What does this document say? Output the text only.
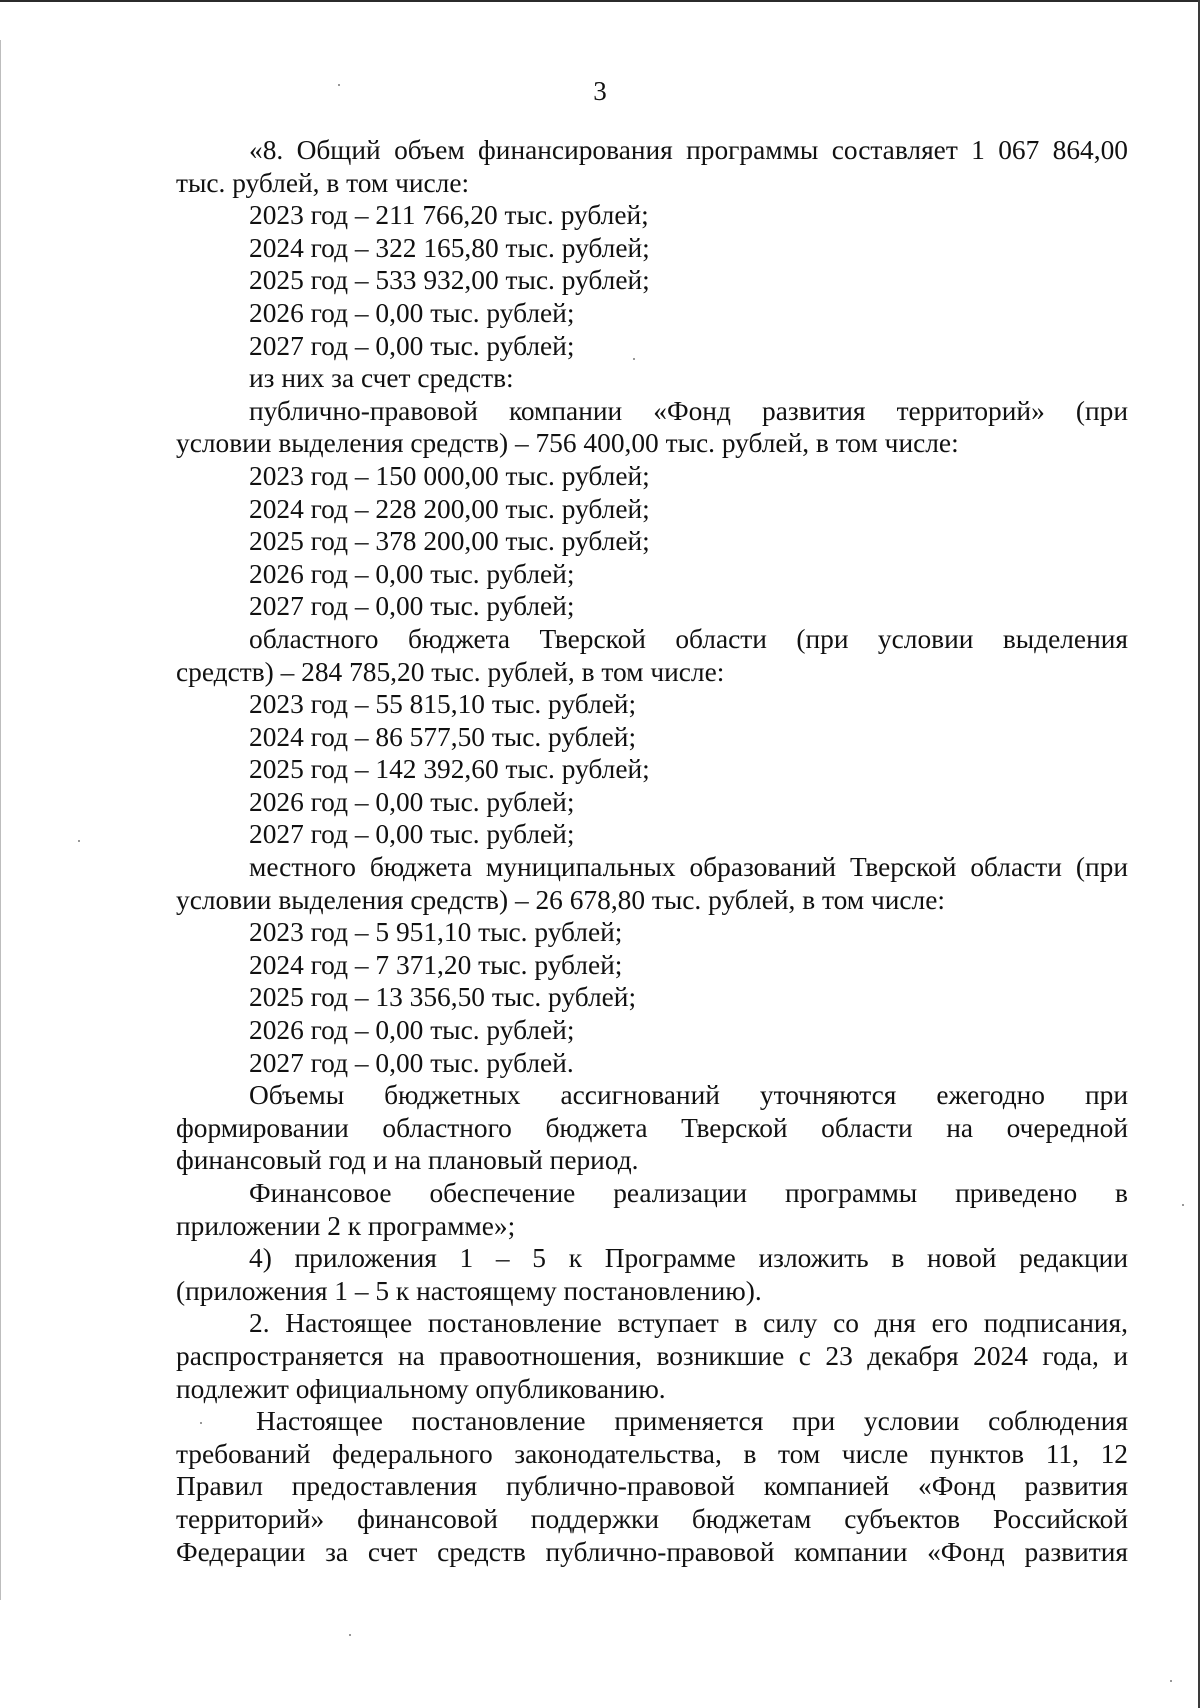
3
«8. Общий объем финансирования программы составляет 1 067 864,00
тыс. рублей, в том числе:
2023 год – 211 766,20 тыс. рублей;
2024 год – 322 165,80 тыс. рублей;
2025 год – 533 932,00 тыс. рублей;
2026 год – 0,00 тыс. рублей;
2027 год – 0,00 тыс. рублей;
из них за счет средств:
публично-правовой компании «Фонд развития территорий» (при
условии выделения средств) – 756 400,00 тыс. рублей, в том числе:
2023 год – 150 000,00 тыс. рублей;
2024 год – 228 200,00 тыс. рублей;
2025 год – 378 200,00 тыс. рублей;
2026 год – 0,00 тыс. рублей;
2027 год – 0,00 тыс. рублей;
областного бюджета Тверской области (при условии выделения
средств) – 284 785,20 тыс. рублей, в том числе:
2023 год – 55 815,10 тыс. рублей;
2024 год – 86 577,50 тыс. рублей;
2025 год – 142 392,60 тыс. рублей;
2026 год – 0,00 тыс. рублей;
2027 год – 0,00 тыс. рублей;
местного бюджета муниципальных образований Тверской области (при
условии выделения средств) – 26 678,80 тыс. рублей, в том числе:
2023 год – 5 951,10 тыс. рублей;
2024 год – 7 371,20 тыс. рублей;
2025 год – 13 356,50 тыс. рублей;
2026 год – 0,00 тыс. рублей;
2027 год – 0,00 тыс. рублей.
Объемы бюджетных ассигнований уточняются ежегодно при
формировании областного бюджета Тверской области на очередной
финансовый год и на плановый период.
Финансовое обеспечение реализации программы приведено в
приложении 2 к программе»;
4) приложения 1 – 5 к Программе изложить в новой редакции
(приложения 1 – 5 к настоящему постановлению).
2. Настоящее постановление вступает в силу со дня его подписания,
распространяется на правоотношения, возникшие с 23 декабря 2024 года, и
подлежит официальному опубликованию.
Настоящее постановление применяется при условии соблюдения
требований федерального законодательства, в том числе пунктов 11, 12
Правил предоставления публично-правовой компанией «Фонд развития
территорий» финансовой поддержки бюджетам субъектов Российской
Федерации за счет средств публично-правовой компании «Фонд развития
